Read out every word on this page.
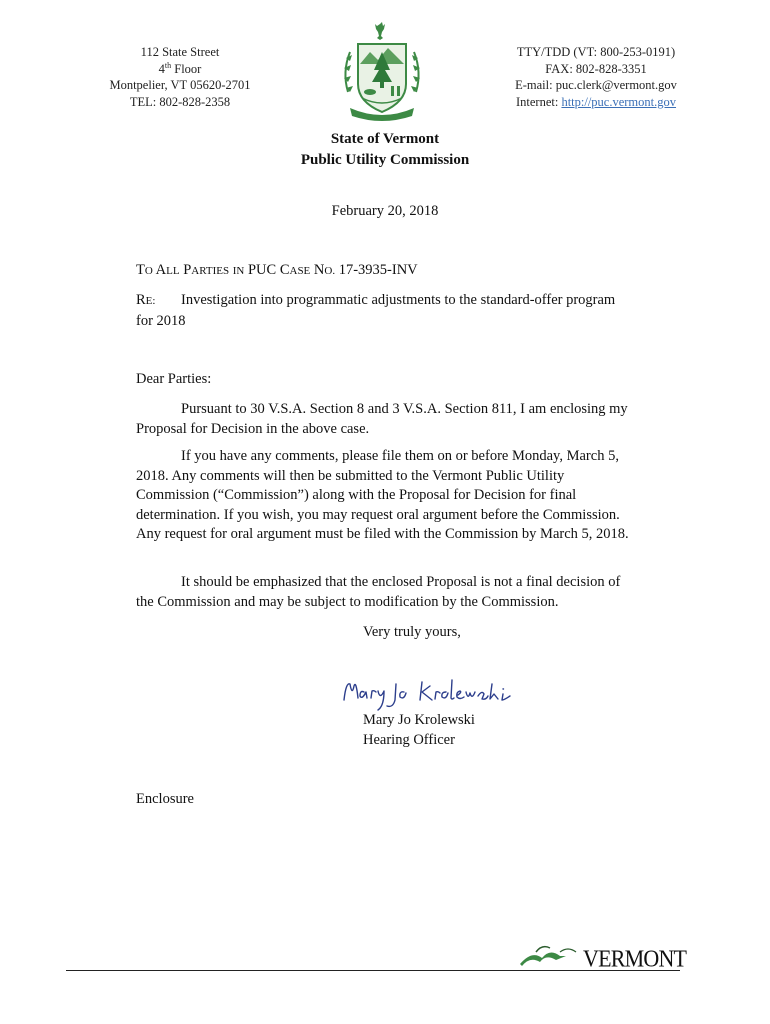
112 State Street
4th Floor
Montpelier, VT 05620-2701
TEL: 802-828-2358
TTY/TDD (VT: 800-253-0191)
FAX: 802-828-3351
E-mail: puc.clerk@vermont.gov
Internet: http://puc.vermont.gov
State of Vermont
Public Utility Commission
February 20, 2018
TO ALL PARTIES IN PUC CASE NO. 17-3935-INV
RE: Investigation into programmatic adjustments to the standard-offer program
for 2018
Dear Parties:

Pursuant to 30 V.S.A. Section 8 and 3 V.S.A. Section 811, I am enclosing my Proposal for Decision in the above case.

If you have any comments, please file them on or before Monday, March 5, 2018. Any comments will then be submitted to the Vermont Public Utility Commission (“Commission”) along with the Proposal for Decision for final determination. If you wish, you may request oral argument before the Commission. Any request for oral argument must be filed with the Commission by March 5, 2018.

It should be emphasized that the enclosed Proposal is not a final decision of the Commission and may be subject to modification by the Commission.

Very truly yours,
Mary Jo Krolewski
Hearing Officer
Enclosure
VERMONT
